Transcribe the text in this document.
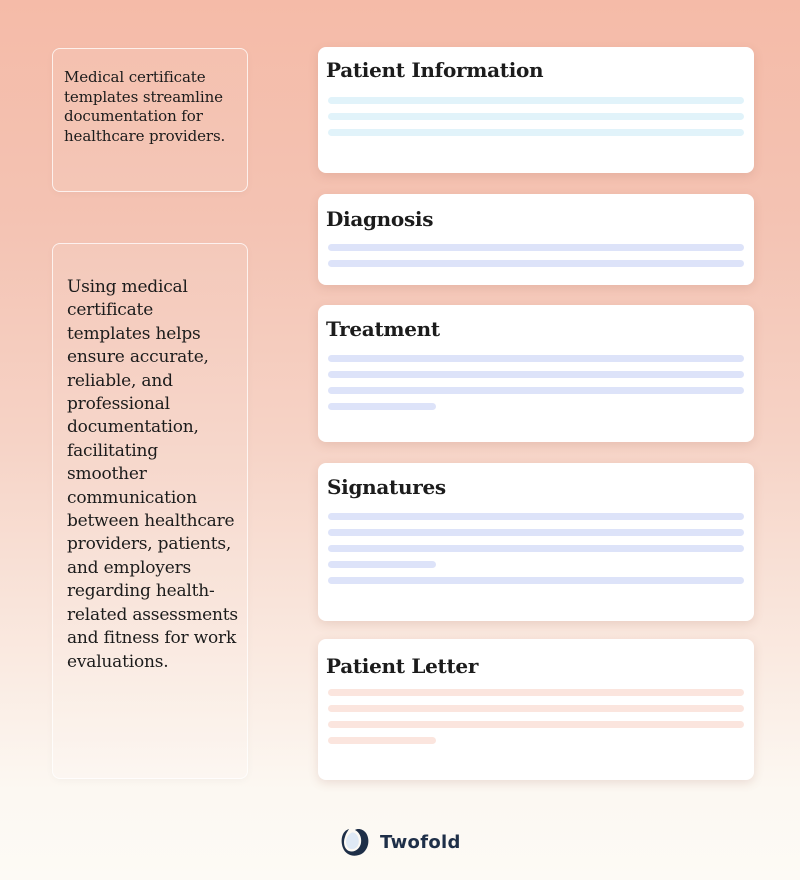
Medical certificate templates streamline documentation for healthcare providers.

Using medical certificate templates helps ensure accurate, reliable, and professional documentation, facilitating smoother communication between healthcare providers, patients, and employers regarding health-related assessments and fitness for work evaluations.

Patient Information
Diagnosis
Treatment
Signatures
Patient Letter
Twofold
